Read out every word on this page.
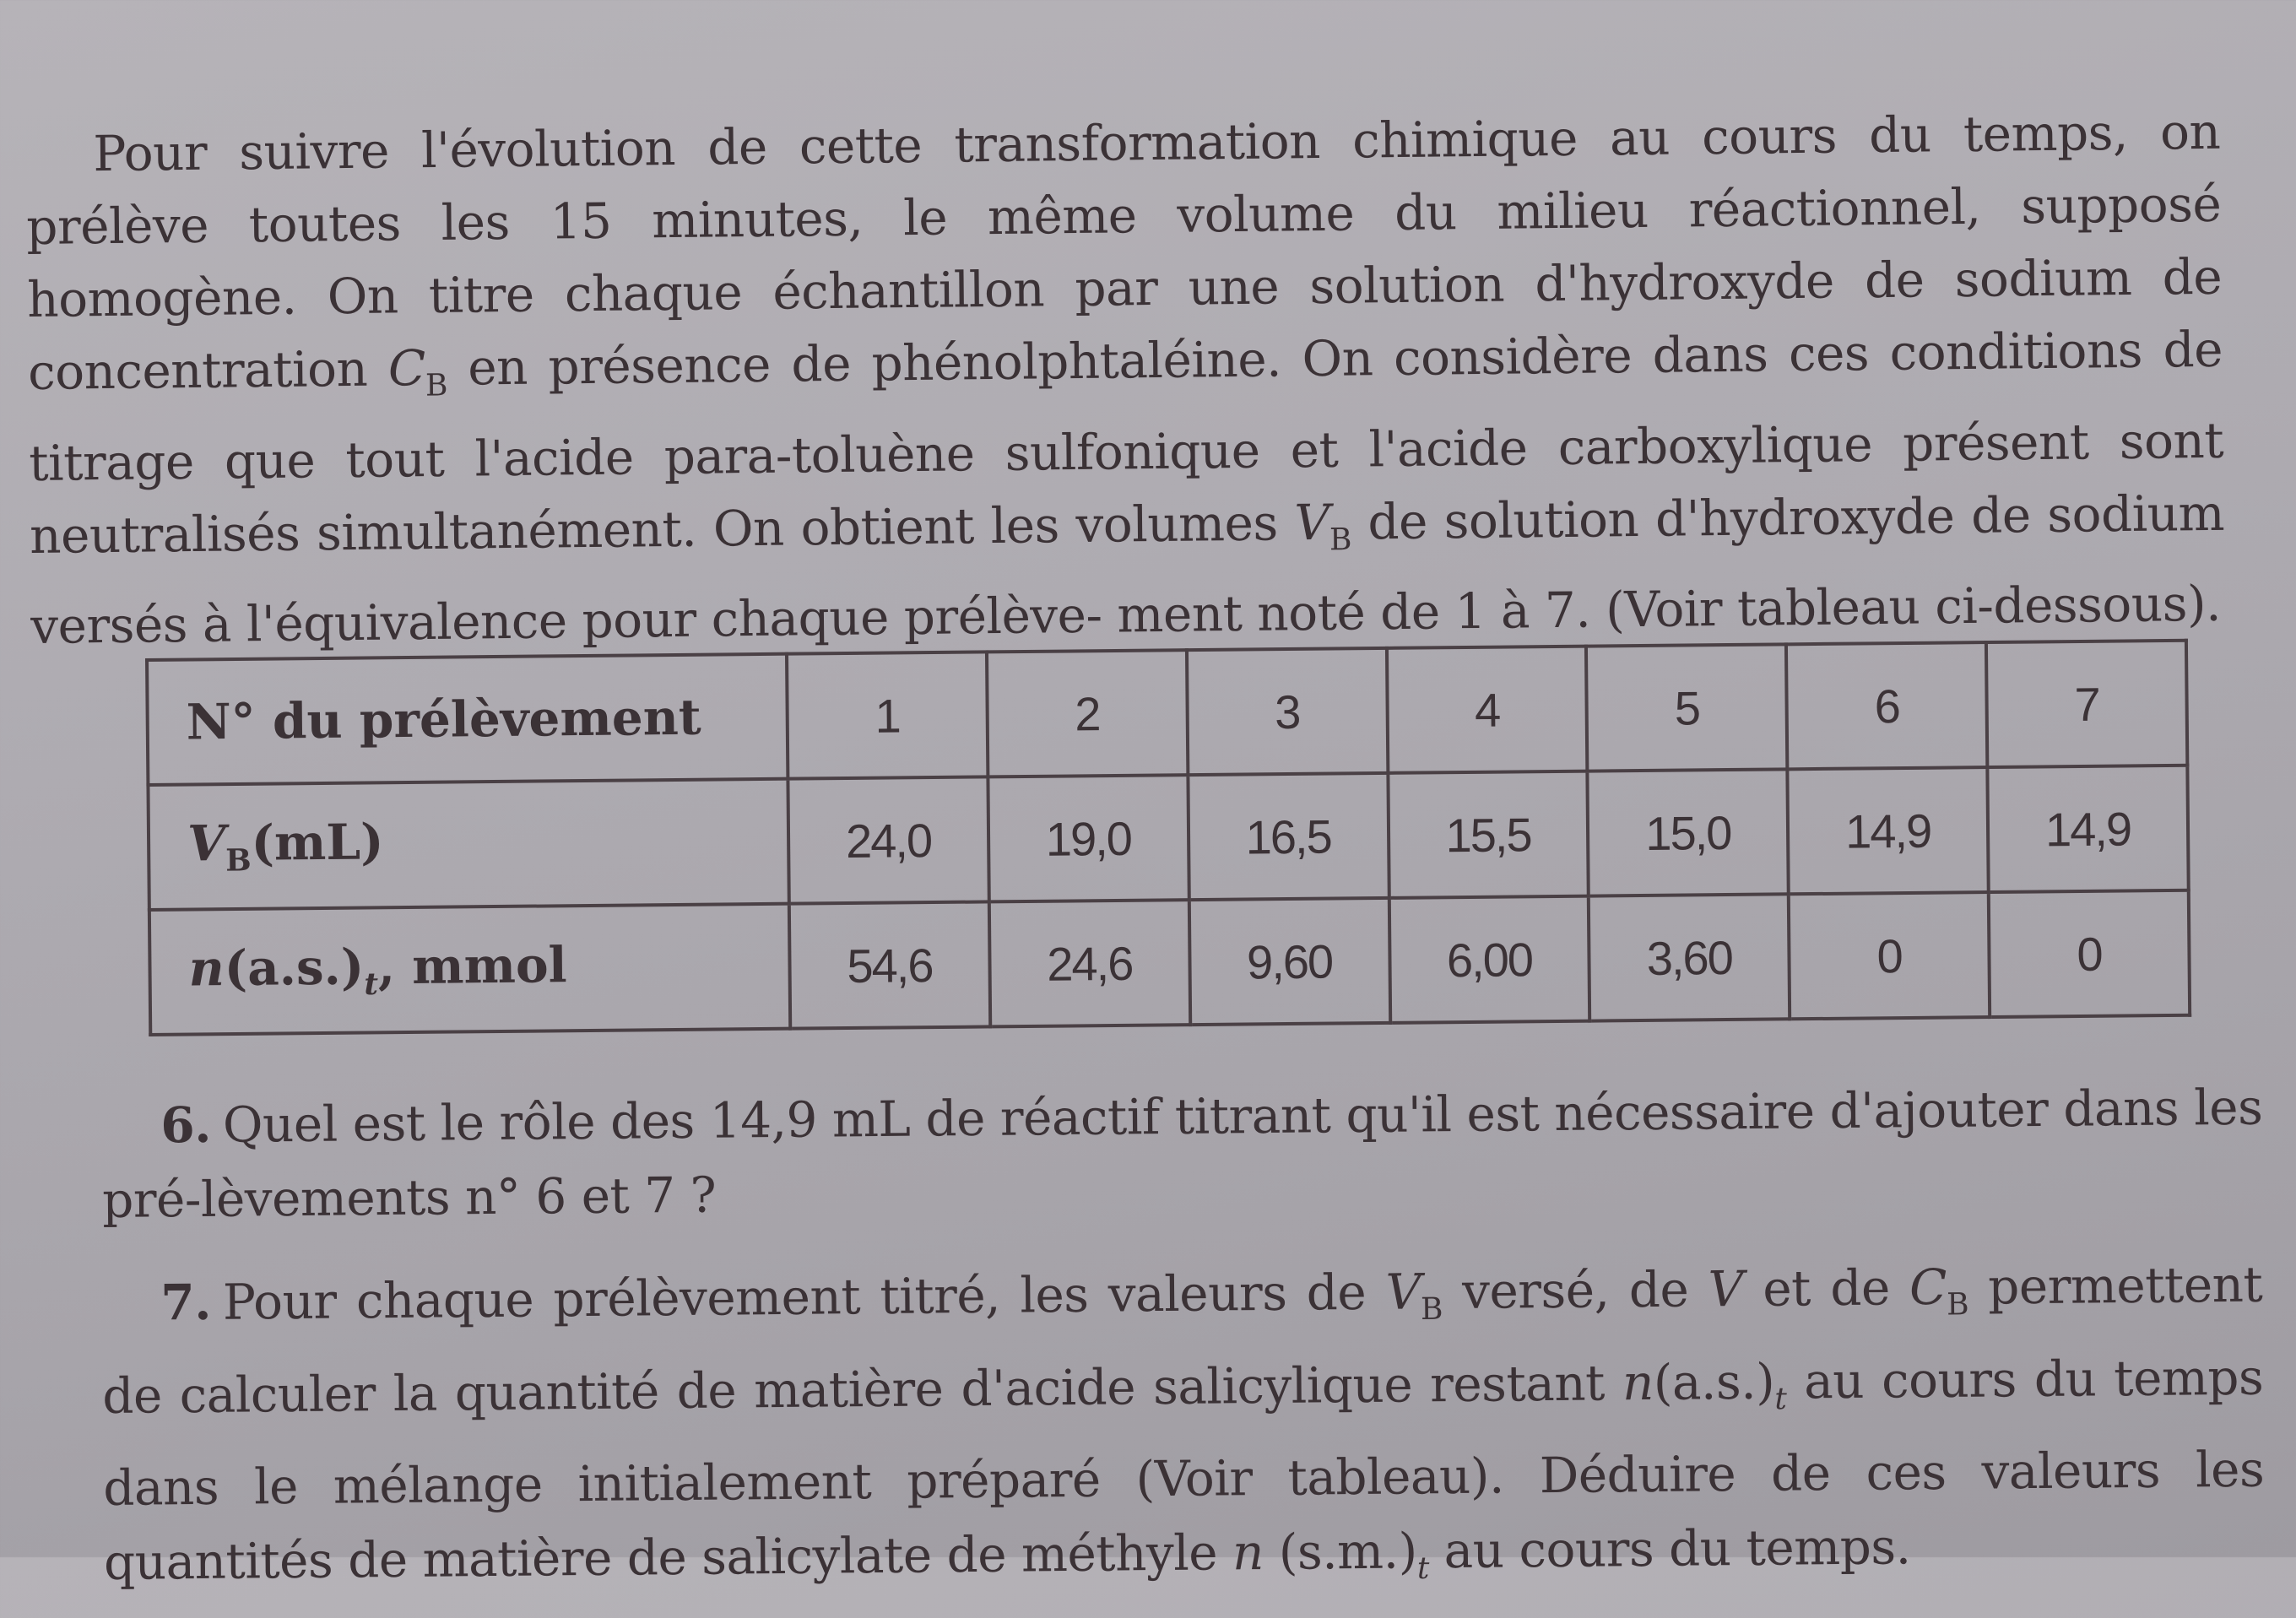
Pour suivre l'évolution de cette transformation chimique au cours du temps, on prélève toutes les 15 minutes, le même volume du milieu réactionnel, supposé homogène. On titre chaque échantillon par une solution d'hydroxyde de sodium de concentration $C_B$ en présence de phénolphtaléine. On considère dans ces conditions de titrage que tout l'acide para-toluène sulfonique et l'acide carboxylique présent sont neutralisés simultanément. On obtient les volumes $V_B$ de solution d'hydroxyde de sodium versés à l'équivalence pour chaque prélève- ment noté de 1 à 7. (Voir tableau ci-dessous).
N° du prélèvement	1	2	3	4	5	6	7
$V_B(mL)$	24,0	19,0	16,5	15,5	15,0	14,9	14,9
$n(a.s.)_t$, mmol	54,6	24,6	9,60	6,00	3,60	0	0
6. Quel est le rôle des 14,9 mL de réactif titrant qu'il est nécessaire d'ajouter dans les pré-lèvements n° 6 et 7 ?
7. Pour chaque prélèvement titré, les valeurs de $V_B$ versé, de V et de $C_B$ permettent de calculer la quantité de matière d'acide salicylique restant $n(a.s.)_t$ au cours du temps dans le mélange initialement préparé (Voir tableau). Déduire de ces valeurs les quantités de matière de salicylate de méthyle n $(s.m.)_t$ au cours du temps.
